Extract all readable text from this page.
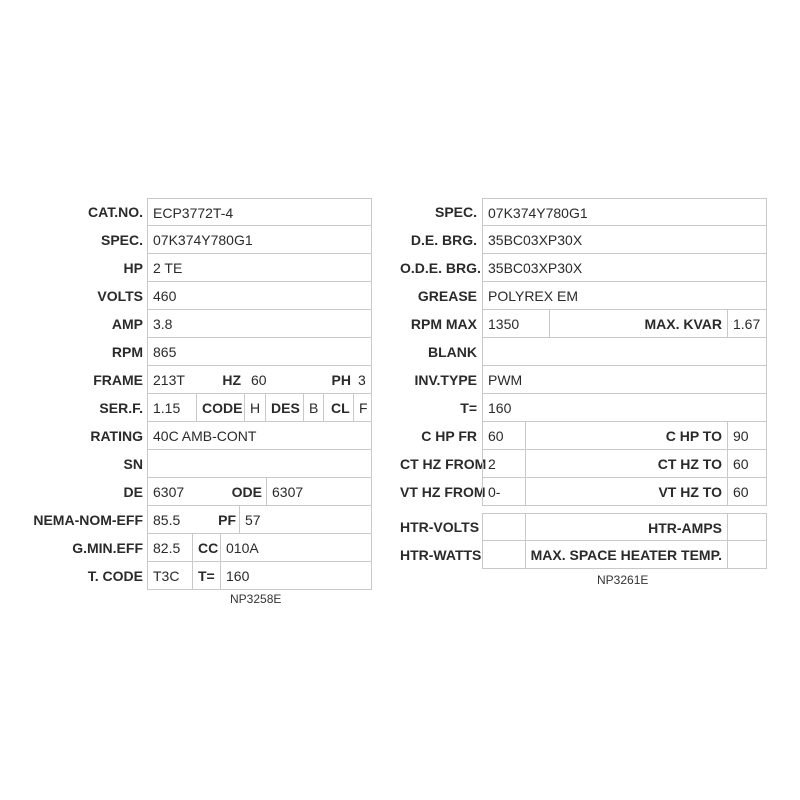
CAT.NO. ECP3772T-4
SPEC. 07K374Y780G1
HP 2 TE
VOLTS 460
AMP 3.8
RPM 865
FRAME 213T	HZ 60	PH 3
SER.F. 1.15 CODE H DES B CL F
RATING 40C AMB-CONT
SN
DE 6307	ODE 6307
NEMA-NOM-EFF 85.5	PF 57
G.MIN.EFF 82.5 CC 010A
T. CODE T3C T= 160
NP3258E
SPEC. 07K374Y780G1
D.E. BRG. 35BC03XP30X
O.D.E. BRG. 35BC03XP30X
GREASE POLYREX EM
RPM MAX 1350	MAX. KVAR 1.67
BLANK
INV.TYPE PWM
T= 160
C HP FR 60	C HP TO 90
CT HZ FROM 2	CT HZ TO 60
VT HZ FROM 0-	VT HZ TO 60
HTR-VOLTS	HTR-AMPS
HTR-WATTS	MAX. SPACE HEATER TEMP.
NP3261E
